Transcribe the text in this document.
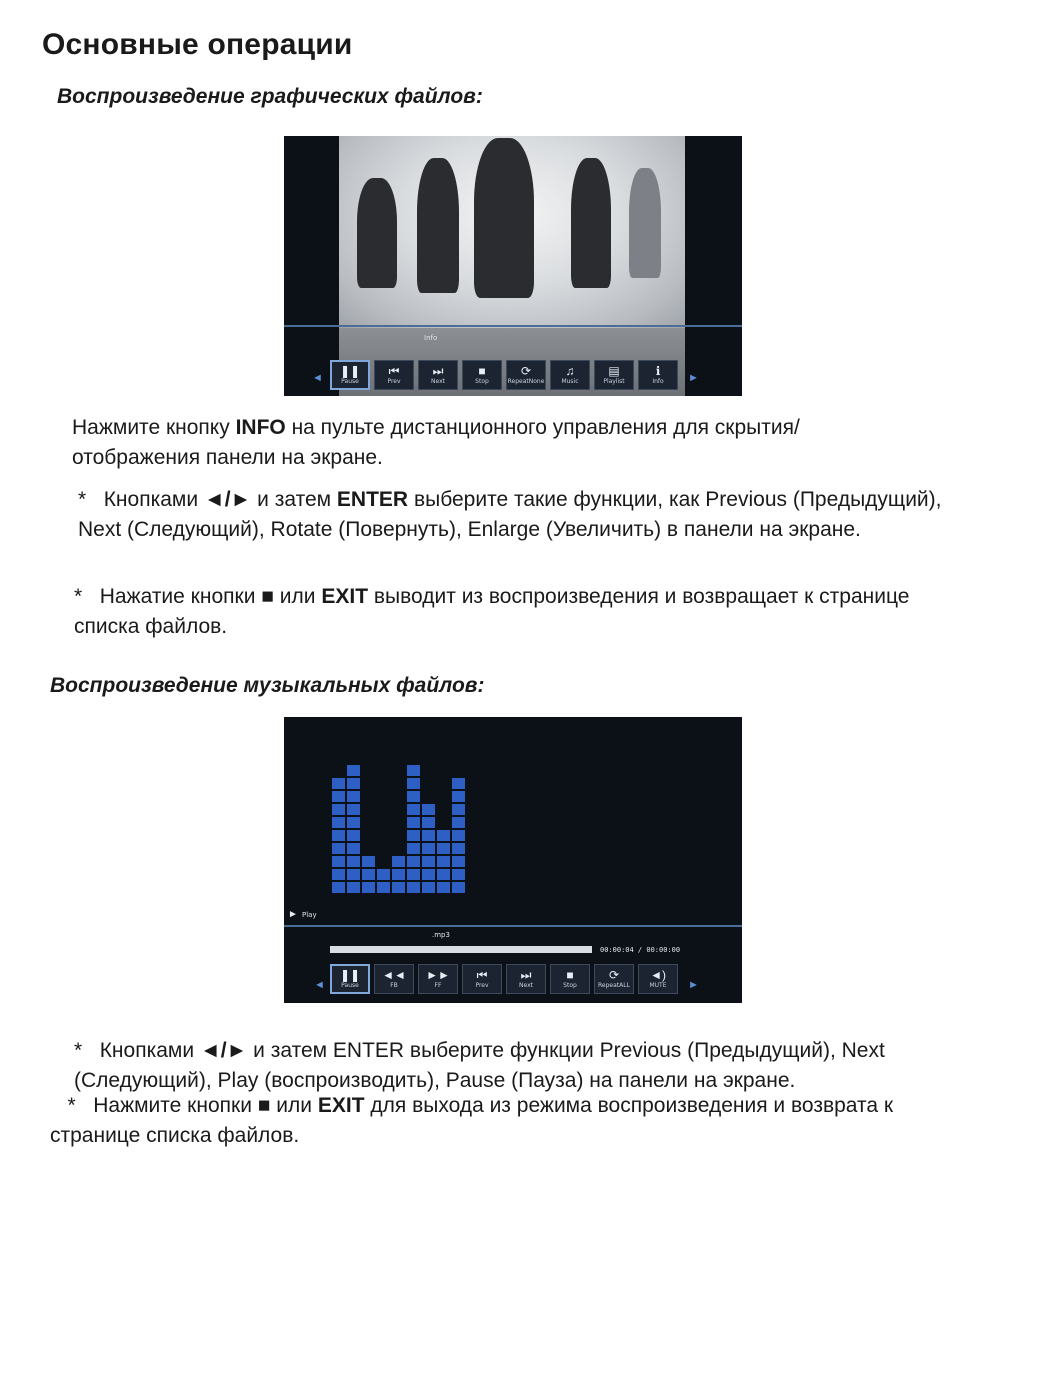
Основные операции
Воспроизведение графических файлов:
Info
❚❚
Pause
⏮
Prev
⏭
Next
■
Stop
⟳
RepeatNone
♫
Music
▤
Playlist
ℹ
Info
◄	►
Нажмите кнопку INFO на пульте дистанционного управления для скрытия/отображения панели на экране.
* Кнопками ◄/► и затем ENTER выберите такие функции, как Previous (Предыдущий), Next (Следующий), Rotate (Повернуть), Enlarge (Увеличить) в панели на экране.
* Нажатие кнопки ■ или EXIT выводит из воспроизведения и возвращает к странице списка файлов.
Воспроизведение музыкальных файлов:
► Play
.mp3
00:00:04 / 00:00:00
❚❚
Pause
◄◄
FB
►►
FF
⏮
Prev
⏭
Next
■
Stop
⟳
RepeatALL
◄)
MUTE
◄	►
* Кнопками ◄/► и затем ENTER выберите функции Previous (Предыдущий), Next (Следующий), Play (воспроизводить), Pause (Пауза) на панели на экране.
* Нажмите кнопки ■ или EXIT для выхода из режима воспроизведения и возврата к странице списка файлов.
